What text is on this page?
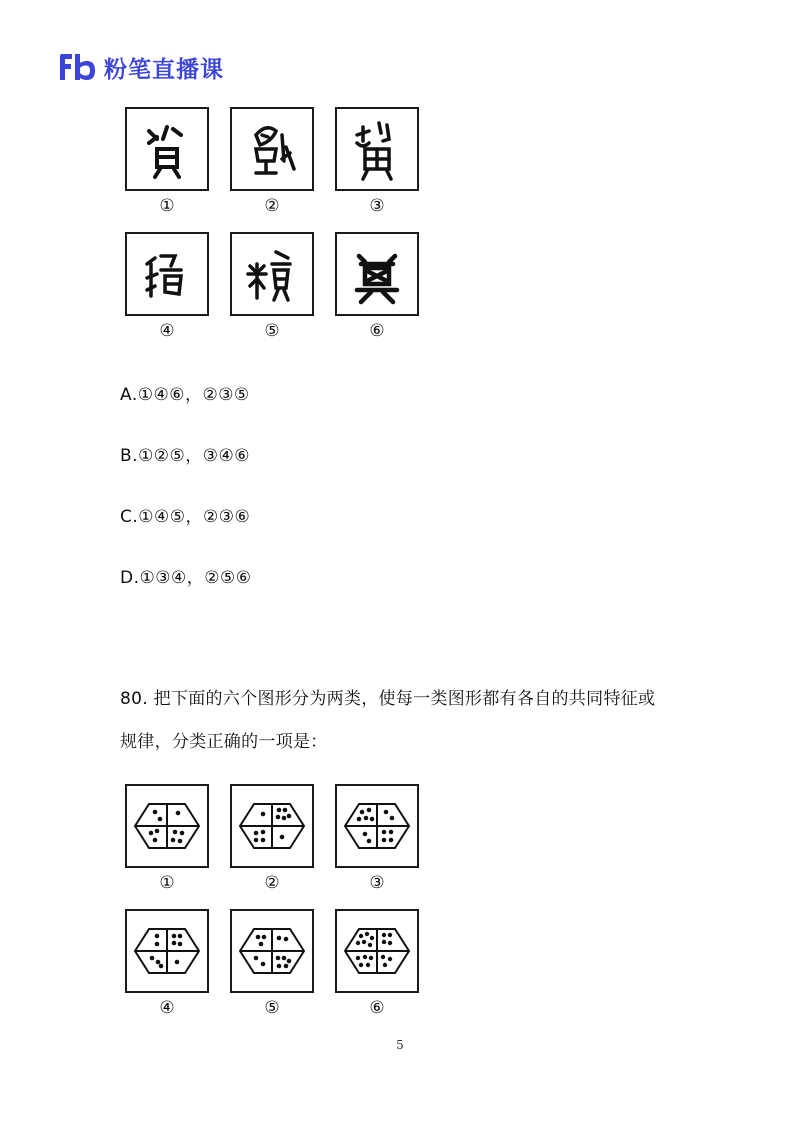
粉笔直播课
①	②	③
④	⑤	⑥
A.①④⑥，②③⑤
B.①②⑤，③④⑥
C.①④⑤，②③⑥
D.①③④，②⑤⑥
80. 把下面的六个图形分为两类，使每一类图形都有各自的共同特征或
规律，分类正确的一项是：
①	②	③
④	⑤	⑥
5
